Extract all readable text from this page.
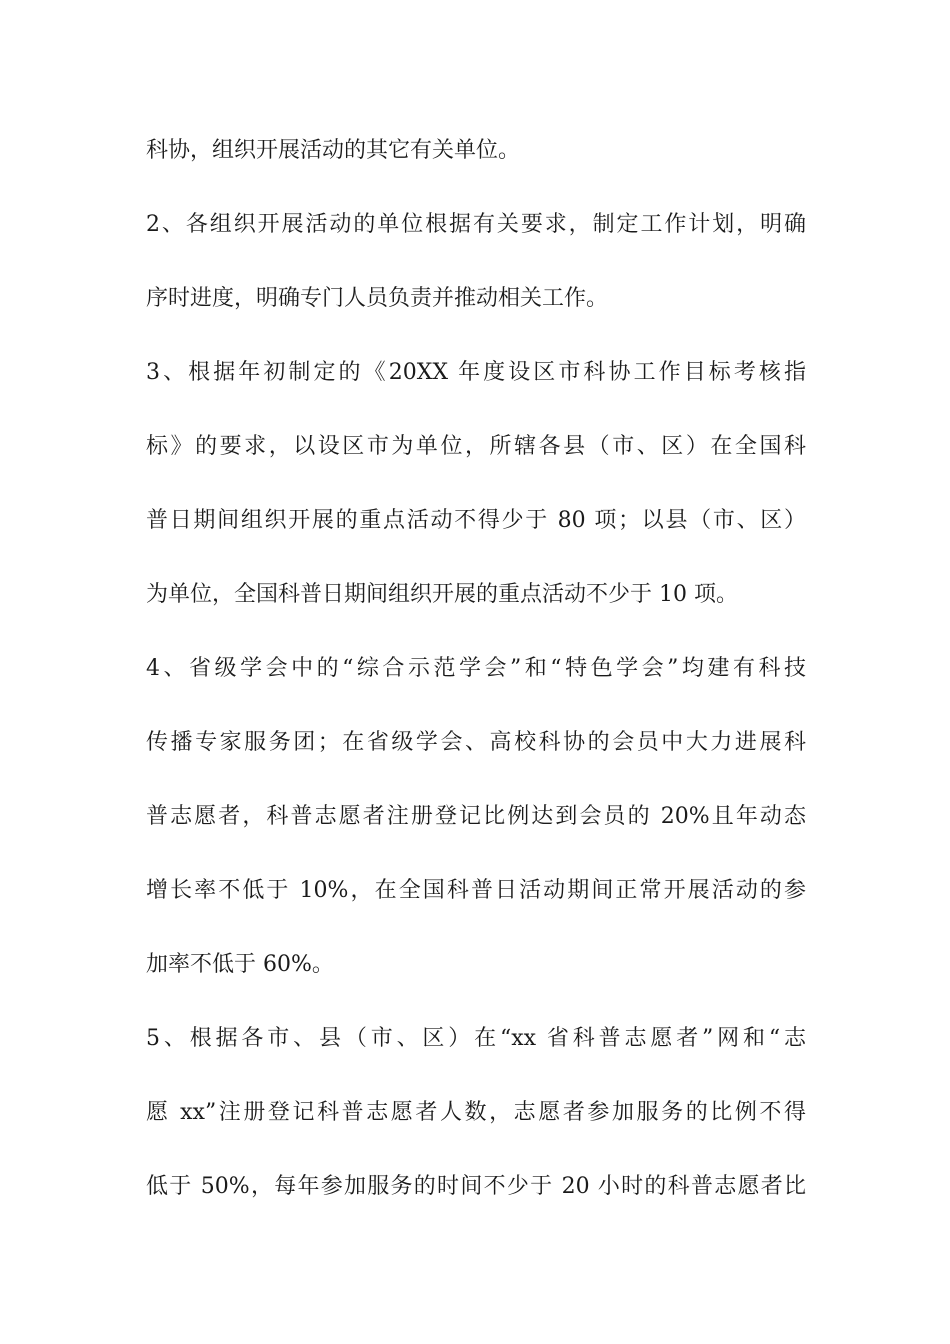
科协，组织开展活动的其它有关单位。
2、各组织开展活动的单位根据有关要求，制定工作计划，明确
序时进度，明确专门人员负责并推动相关工作。
3、根据年初制定的《20XX 年度设区市科协工作目标考核指
标》的要求，以设区市为单位，所辖各县（市、区）在全国科
普日期间组织开展的重点活动不得少于 80 项；以县（市、区）
为单位，全国科普日期间组织开展的重点活动不少于 10 项。
4、省级学会中的“综合示范学会”和“特色学会”均建有科技
传播专家服务团；在省级学会、高校科协的会员中大力进展科
普志愿者，科普志愿者注册登记比例达到会员的 20%且年动态
增长率不低于 10%，在全国科普日活动期间正常开展活动的参
加率不低于 60%。
5、根据各市、县（市、区）在“xx 省科普志愿者”网和“志
愿 xx”注册登记科普志愿者人数，志愿者参加服务的比例不得
低于 50%，每年参加服务的时间不少于 20 小时的科普志愿者比
